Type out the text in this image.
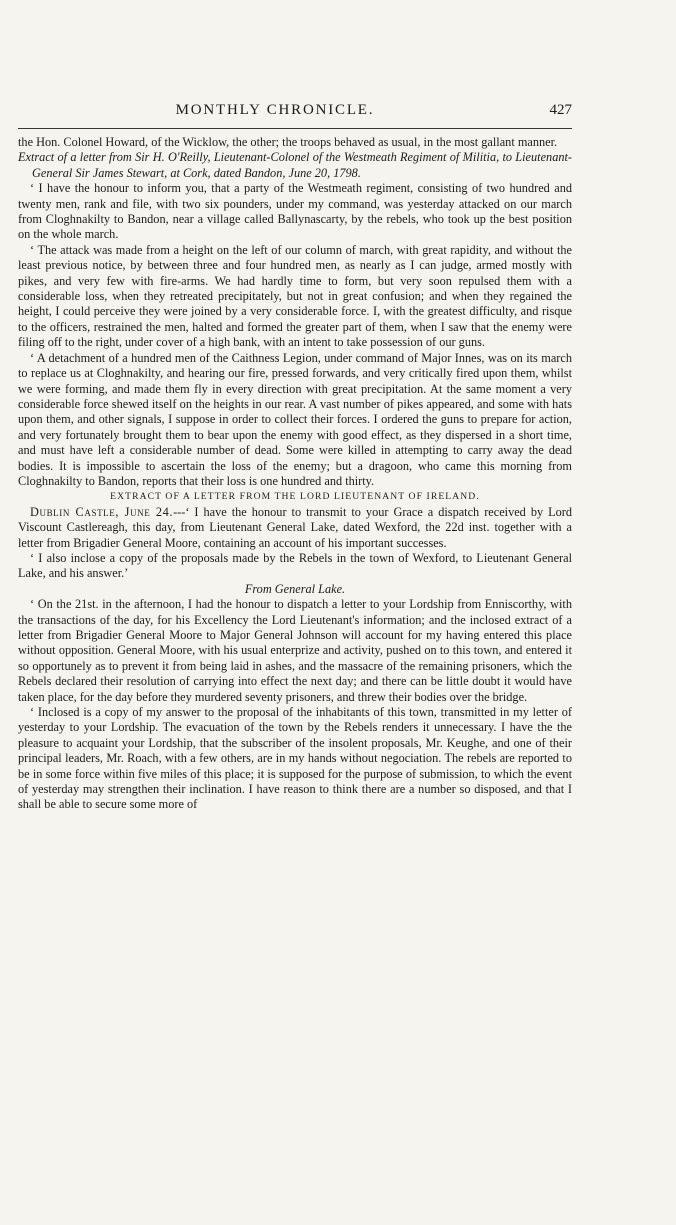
MONTHLY CHRONICLE.	427

the Hon. Colonel Howard, of the Wicklow, the other; the troops behaved as usual, in the most gallant manner.

Extract of a letter from Sir H. O'Reilly, Lieutenant-Colonel of the Westmeath Regiment of Militia, to Lieutenant-General Sir James Stewart, at Cork, dated Bandon, June 20, 1798.

‘ I have the honour to inform you, that a party of the Westmeath regiment, consisting of two hundred and twenty men, rank and file, with two six pounders, under my command, was yesterday attacked on our march from Cloghnakilty to Bandon, near a village called Ballynascarty, by the rebels, who took up the best position on the whole march.

‘ The attack was made from a height on the left of our column of march, with great rapidity, and without the least previous notice, by between three and four hundred men, as nearly as I can judge, armed mostly with pikes, and very few with fire-arms. We had hardly time to form, but very soon repulsed them with a considerable loss, when they retreated precipitately, but not in great confusion; and when they regained the height, I could perceive they were joined by a very considerable force. I, with the greatest difficulty, and risque to the officers, restrained the men, halted and formed the greater part of them, when I saw that the enemy were filing off to the right, under cover of a high bank, with an intent to take possession of our guns.

‘ A detachment of a hundred men of the Caithness Legion, under command of Major Innes, was on its march to replace us at Cloghnakilty, and hearing our fire, pressed forwards, and very critically fired upon them, whilst we were forming, and made them fly in every direction with great precipitation. At the same moment a very considerable force shewed itself on the heights in our rear. A vast number of pikes appeared, and some with hats upon them, and other signals, I suppose in order to collect their forces. I ordered the guns to prepare for action, and very fortunately brought them to bear upon the enemy with good effect, as they dispersed in a short time, and must have left a considerable number of dead. Some were killed in attempting to carry away the dead bodies. It is impossible to ascertain the loss of the enemy; but a dragoon, who came this morning from Cloghnakilty to Bandon, reports that their loss is one hundred and thirty.

EXTRACT OF A LETTER FROM THE LORD LIEUTENANT OF IRELAND.

Dublin Castle, June 24.---‘ I have the honour to transmit to your Grace a dispatch received by Lord Viscount Castlereagh, this day, from Lieutenant General Lake, dated Wexford, the 22d inst. together with a letter from Brigadier General Moore, containing an account of his important successes.

‘ I also inclose a copy of the proposals made by the Rebels in the town of Wexford, to Lieutenant General Lake, and his answer.’

From General Lake.

‘ On the 21st. in the afternoon, I had the honour to dispatch a letter to your Lordship from Enniscorthy, with the transactions of the day, for his Excellency the Lord Lieutenant's information; and the inclosed extract of a letter from Brigadier General Moore to Major General Johnson will account for my having entered this place without opposition. General Moore, with his usual enterprize and activity, pushed on to this town, and entered it so opportunely as to prevent it from being laid in ashes, and the massacre of the remaining prisoners, which the Rebels declared their resolution of carrying into effect the next day; and there can be little doubt it would have taken place, for the day before they murdered seventy prisoners, and threw their bodies over the bridge.

‘ Inclosed is a copy of my answer to the proposal of the inhabitants of this town, transmitted in my letter of yesterday to your Lordship. The evacuation of the town by the Rebels renders it unnecessary. I have the the pleasure to acquaint your Lordship, that the subscriber of the insolent proposals, Mr. Keughe, and one of their principal leaders, Mr. Roach, with a few others, are in my hands without negociation. The rebels are reported to be in some force within five miles of this place; it is supposed for the purpose of submission, to which the event of yesterday may strengthen their inclination. I have reason to think there are a number so disposed, and that I shall be able to secure some more of
